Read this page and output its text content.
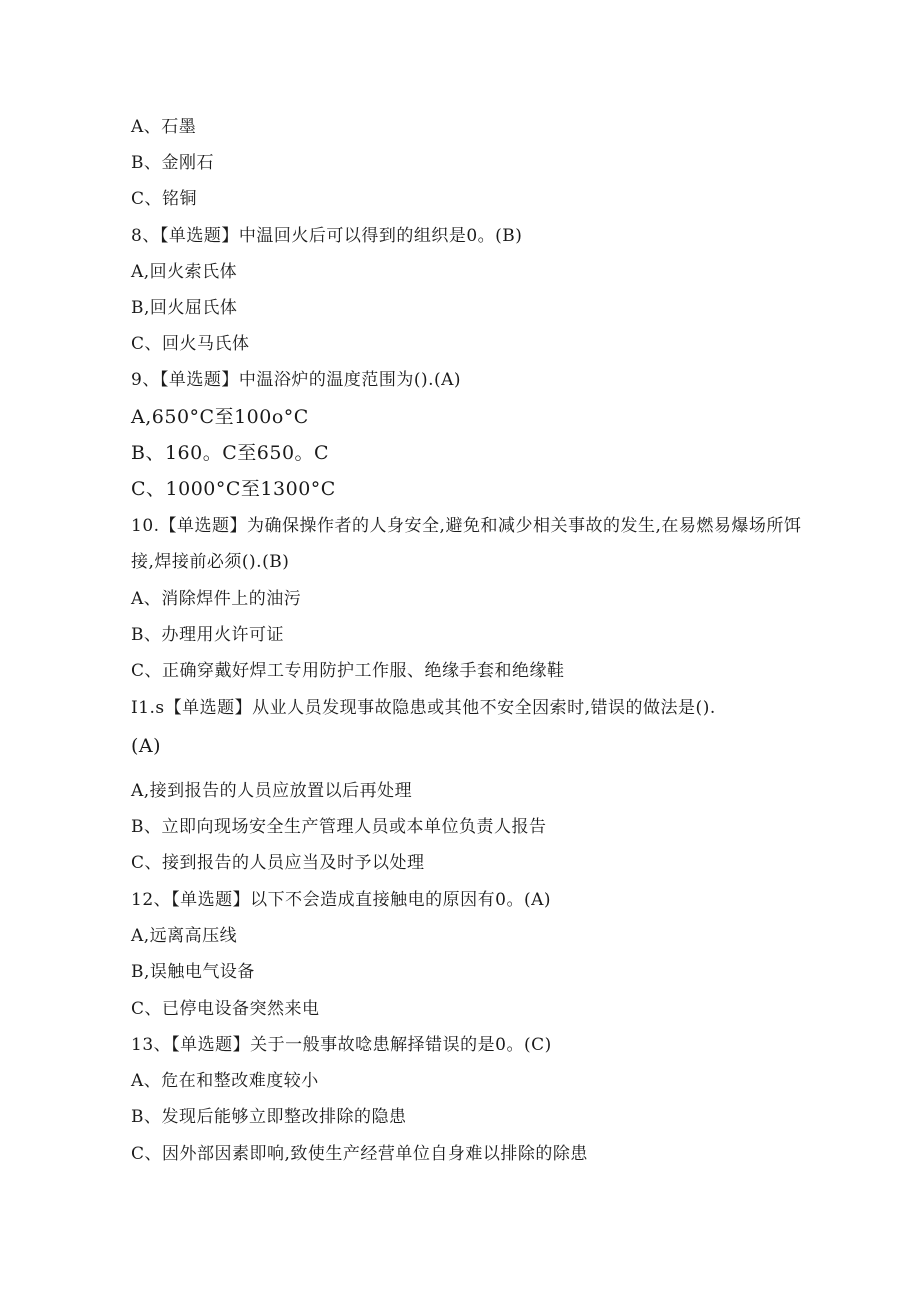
A、石墨
B、金刚石
C、铭铜
8、【单选题】中温回火后可以得到的组织是0。(B)
A,回火索氏体
B,回火屈氏体
C、回火马氏体
9、【单选题】中温浴炉的温度范围为().(A)
A,650°C至100o°C
B、160。C至650。C
C、1000°C至1300°C
10.【单选题】为确保操作者的人身安全,避免和减少相关事故的发生,在易燃易爆场所饵
接,焊接前必须().(B)
A、消除焊件上的油污
B、办理用火许可证
C、正确穿戴好焊工专用防护工作服、绝缘手套和绝缘鞋
I1.s【单选题】从业人员发现事故隐患或其他不安全因索时,错误的做法是().
(A)
A,接到报告的人员应放置以后再处理
B、立即向现场安全生产管理人员或本单位负责人报告
C、接到报告的人员应当及时予以处理
12、【单选题】以下不会造成直接触电的原因有0。(A)
A,远离高压线
B,误触电气设备
C、已停电设备突然来电
13、【单选题】关于一般事故唸患解择错误的是0。(C)
A、危在和整改难度较小
B、发现后能够立即整改排除的隐患
C、因外部因素即响,致使生产经营单位自身难以排除的除患
